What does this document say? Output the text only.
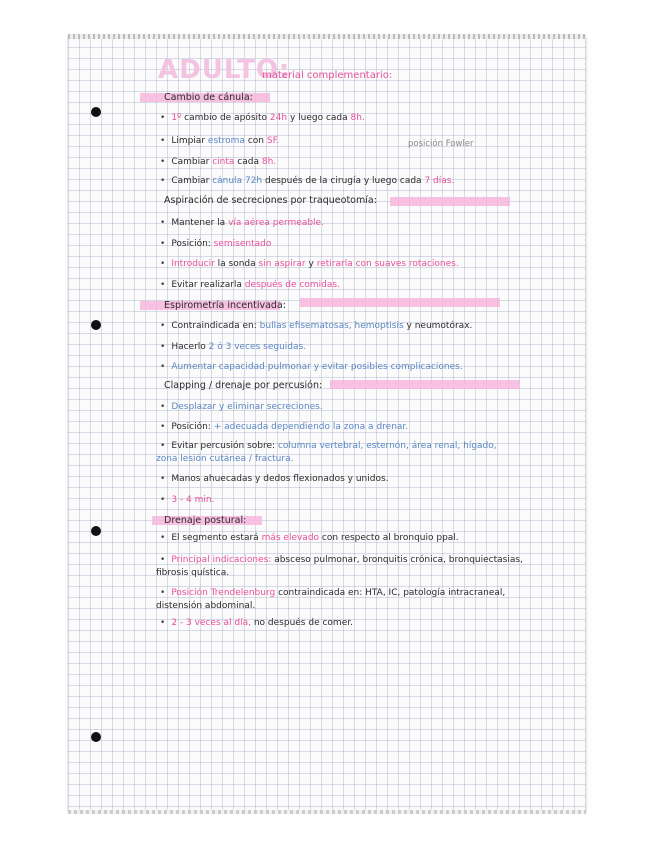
ADULTO:
material complementario:
Cambio de cánula:
• 1º cambio de apósito 24h y luego cada 8h.
• Limpiar estroma con SF.	posición Fowler
• Cambiar cinta cada 8h.
• Cambiar cánula 72h después de la cirugía y luego cada 7 días.
Aspiración de secreciones por traqueotomía:
• Mantener la vía aérea permeable.
• Posición: semisentado
• Introducir la sonda sin aspirar y retirarla con suaves rotaciones.
• Evitar realizarla después de comidas.
Espirometría incentivada:
• Contraindicada en: bullas efisematosas, hemoptisis y neumotórax.
• Hacerlo 2 ó 3 veces seguidas.
• Aumentar capacidad pulmonar y evitar posibles complicaciones.
Clapping / drenaje por percusión:
• Desplazar y eliminar secreciones.
• Posición: + adecuada dependiendo la zona a drenar.
• Evitar percusión sobre: columna vertebral, esternón, área renal, hígado,
zona lesión cutánea / fractura.
• Manos ahuecadas y dedos flexionados y unidos.
• 3 - 4 min.
Drenaje postural:
• El segmento estará más elevado con respecto al bronquio ppal.
• Principal indicaciones: absceso pulmonar, bronquitis crónica, bronquiectasias,
fibrosis quística.
• Posición Trendelenburg contraindicada en: HTA, IC, patología intracraneal,
distensión abdominal.
• 2 - 3 veces al día, no después de comer.
